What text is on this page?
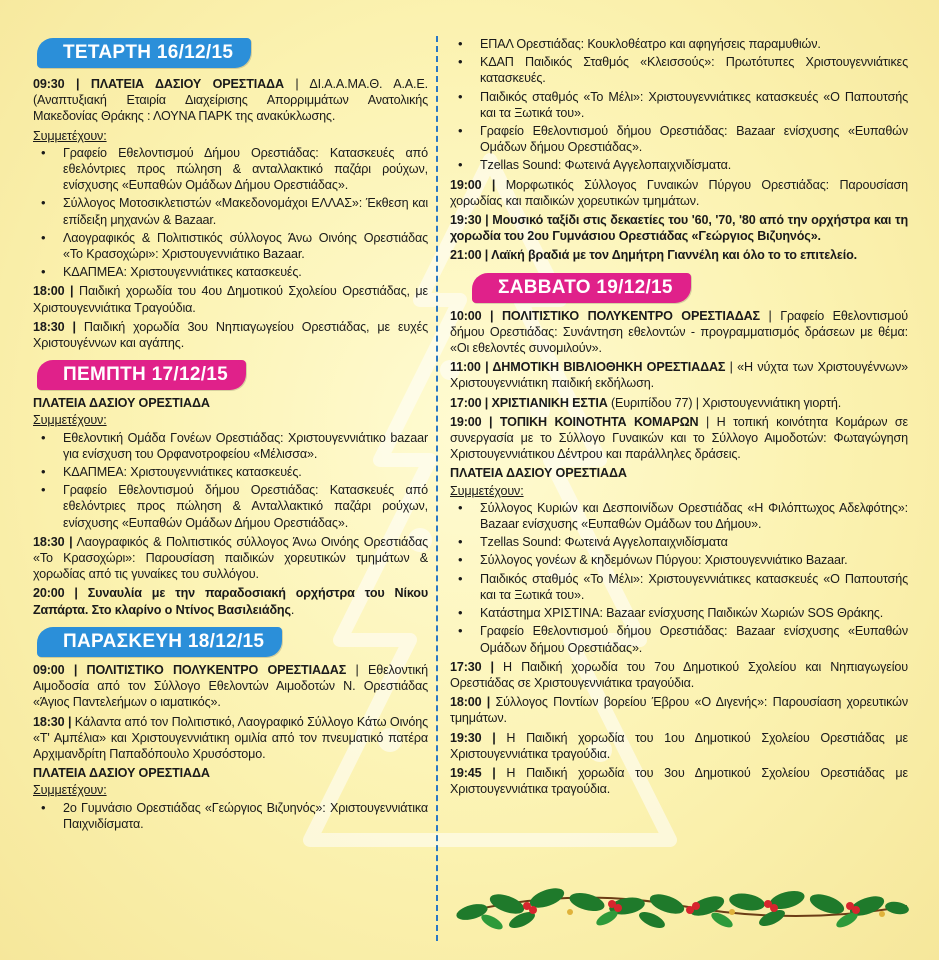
ΤΕΤΑΡΤΗ 16/12/15

09:30 | ΠΛΑΤΕΙΑ ΔΑΣΙΟΥ ΟΡΕΣΤΙΑΔΑ | ΔΙ.Α.Α.ΜΑ.Θ. Α.Α.Ε.(Αναπτυξιακή Εταιρία Διαχείρισης Απορριμμάτων Ανατολικής Μακεδονίας Θράκης : ΛΟΥΝΑ ΠΑΡΚ της ανακύκλωσης.

Συμμετέχουν:
• Γραφείο Εθελοντισμού Δήμου Ορεστιάδας: Κατασκευές από εθελόντριες προς πώληση & ανταλλακτικό παζάρι ρούχων, ενίσχυσης «Ευπαθών Ομάδων Δήμου Ορεστιάδας».
• Σύλλογος Μοτοσικλετιστών «Μακεδονομάχοι ΕΛΛΑΣ»: Έκθεση και επίδειξη μηχανών & Bazaar.
• Λαογραφικός & Πολιτιστικός σύλλογος Άνω Οινόης Ορεστιάδας «Το Κρασοχώρι»: Χριστουγεννιάτικο Bazaar.
• ΚΔΑΠΜΕΑ: Χριστουγεννιάτικες κατασκευές.

18:00 | Παιδική χορωδία του 4ου Δημοτικού Σχολείου Ορεστιάδας, με Χριστουγεννιάτικα Τραγούδια.

18:30 | Παιδική χορωδία 3ου Νηπιαγωγείου Ορεστιάδας, με ευχές Χριστουγέννων και αγάπης.

ΠΕΜΠΤΗ 17/12/15
ΠΛΑΤΕΙΑ ΔΑΣΙΟΥ ΟΡΕΣΤΙΑΔΑ
Συμμετέχουν:
• Εθελοντική Ομάδα Γονέων Ορεστιάδας: Χριστουγεννιάτικο bazaar για ενίσχυση του Ορφανοτροφείου «Μέλισσα».
• ΚΔΑΠΜΕΑ: Χριστουγεννιάτικες κατασκευές.
• Γραφείο Εθελοντισμού δήμου Ορεστιάδας: Κατασκευές από εθελόντριες προς πώληση & Ανταλλακτικό παζάρι ρούχων, ενίσχυσης «Ευπαθών Ομάδων Δήμου Ορεστιάδας».

18:30 | Λαογραφικός & Πολιτιστικός σύλλογος Άνω Οινόης Ορεστιάδας «Το Κρασοχώρι»: Παρουσίαση παιδικών χορευτικών τμημάτων & χορωδίας από τις γυναίκες του συλλόγου.

20:00 | Συναυλία με την παραδοσιακή ορχήστρα του Νίκου Ζαπάρτα. Στο κλαρίνο ο Ντίνος Βασιλειάδης.

ΠΑΡΑΣΚΕΥΗ 18/12/15

09:00 | ΠΟΛΙΤΙΣΤΙΚΟ ΠΟΛΥΚΕΝΤΡΟ ΟΡΕΣΤΙΑΔΑΣ | Εθελοντική Αιμοδοσία από τον Σύλλογο Εθελοντών Αιμοδοτών Ν. Ορεστιάδας «Άγιος Παντελεήμων ο ιαματικός».

18:30 | Κάλαντα από τον Πολιτιστικό, Λαογραφικό Σύλλογο Κάτω Οινόης «Τ' Αμπέλια» και Χριστουγεννιάτικη ομιλία από τον πνευματικό πατέρα Αρχιμανδρίτη Παπαδόπουλο Χρυσόστομο.

ΠΛΑΤΕΙΑ ΔΑΣΙΟΥ ΟΡΕΣΤΙΑΔΑ
Συμμετέχουν:
• 2ο Γυμνάσιο Ορεστιάδας «Γεώργιος Βιζυηνός»: Χριστουγεννιάτικα Παιχνιδίσματα.
• ΕΠΑΛ Ορεστιάδας: Κουκλοθέατρο και αφηγήσεις παραμυθιών.
• ΚΔΑΠ Παιδικός Σταθμός «Κλεισσούς»: Πρωτότυπες Χριστουγεννιάτικες κατασκευές.
• Παιδικός σταθμός «Το Μέλι»: Χριστουγεννιάτικες κατασκευές «Ο Παπουτσής και τα Ξωτικά του».
• Γραφείο Εθελοντισμού δήμου Ορεστιάδας: Bazaar ενίσχυσης «Ευπαθών Ομάδων δήμου Ορεστιάδας».
• Tzellas Sound: Φωτεινά Αγγελοπαιχνιδίσματα.

19:00 | Μορφωτικός Σύλλογος Γυναικών Πύργου Ορεστιάδας: Παρουσίαση χορωδίας και παιδικών χορευτικών τμημάτων.

19:30 | Μουσικό ταξίδι στις δεκαετίες του '60, '70, '80 από την ορχήστρα και τη χορωδία του 2ου Γυμνάσιου Ορεστιάδας «Γεώργιος Βιζυηνός».

21:00 | Λαϊκή βραδιά με τον Δημήτρη Γιαννέλη και όλο το το επιτελείο.

ΣΑΒΒΑΤΟ 19/12/15

10:00 | ΠΟΛΙΤΙΣΤΙΚΟ ΠΟΛΥΚΕΝΤΡΟ ΟΡΕΣΤΙΑΔΑΣ | Γραφείο Εθελοντισμού δήμου Ορεστιάδας: Συνάντηση εθελοντών - προγραμματισμός δράσεων με θέμα: «Οι εθελοντές συνομιλούν».

11:00 | ΔΗΜΟΤΙΚΗ ΒΙΒΛΙΟΘΗΚΗ ΟΡΕΣΤΙΑΔΑΣ | «Η νύχτα των Χριστουγέννων» Χριστουγεννιάτικη παιδική εκδήλωση.

17:00 | ΧΡΙΣΤΙΑΝΙΚΗ ΕΣΤΙΑ (Ευριπίδου 77) | Χριστουγεννιάτικη γιορτή.

19:00 | ΤΟΠΙΚΗ ΚΟΙΝΟΤΗΤΑ ΚΟΜΑΡΩΝ | Η τοπική κοινότητα Κομάρων σε συνεργασία με το Σύλλογο Γυναικών και το Σύλλογο Αιμοδοτών: Φωταγώγηση Χριστουγεννιάτικου Δέντρου και παράλληλες δράσεις.

ΠΛΑΤΕΙΑ ΔΑΣΙΟΥ ΟΡΕΣΤΙΑΔΑ
Συμμετέχουν:
• Σύλλογος Κυριών και Δεσποινίδων Ορεστιάδας «Η Φιλόπτωχος Αδελφότης»: Bazaar ενίσχυσης «Ευπαθών Ομάδων του Δήμου».
• Tzellas Sound: Φωτεινά Αγγελοπαιχνιδίσματα
• Σύλλογος γονέων & κηδεμόνων Πύργου: Χριστουγεννιάτικο Bazaar.
• Παιδικός σταθμός «Το Μέλι»: Χριστουγεννιάτικες κατασκευές «Ο Παπουτσής και τα Ξωτικά του».
• Κατάστημα ΧΡΙΣΤΙΝΑ: Bazaar ενίσχυσης Παιδικών Χωριών SOS Θράκης.
• Γραφείο Εθελοντισμού δήμου Ορεστιάδας: Bazaar ενίσχυσης «Ευπαθών Ομάδων δήμου Ορεστιάδας».

17:30 | Η Παιδική χορωδία του 7ου Δημοτικού Σχολείου και Νηπιαγωγείου Ορεστιάδας σε Χριστουγεννιάτικα τραγούδια.

18:00 | Σύλλογος Ποντίων βορείου Έβρου «Ο Διγενής»: Παρουσίαση χορευτικών τμημάτων.

19:30 | Η Παιδική χορωδία του 1ου Δημοτικού Σχολείου Ορεστιάδας με Χριστουγεννιάτικα τραγούδια.

19:45 | Η Παιδική χορωδία του 3ου Δημοτικού Σχολείου Ορεστιάδας με Χριστουγεννιάτικα τραγούδια.
